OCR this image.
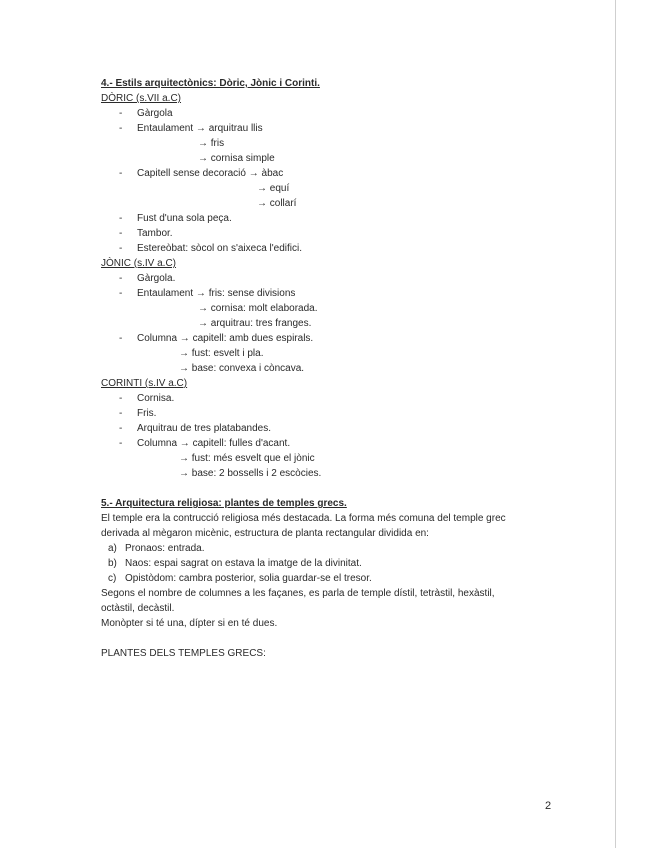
4.- Estils arquitectònics: Dòric, Jònic i Corinti.
DÒRIC (s.VII a.C)
- Gàrgola
- Entaulament → arquitrau llis
→ fris
→ cornisa simple
- Capitell sense decoració → àbac
→ equí
→ collarí
- Fust d'una sola peça.
- Tambor.
- Estereòbat: sòcol on s'aixeca l'edifici.
JÒNIC (s.IV a.C)
- Gàrgola.
- Entaulament → fris: sense divisions
→ cornisa: molt elaborada.
→ arquitrau: tres franges.
- Columna → capitell: amb dues espirals.
→ fust: esvelt i pla.
→ base: convexa i còncava.
CORINTI (s.IV a.C)
- Cornisa.
- Fris.
- Arquitrau de tres platabandes.
- Columna → capitell: fulles d'acant.
→ fust: més esvelt que el jònic
→ base: 2 bossells i 2 escòcies.
5.- Arquitectura religiosa: plantes de temples grecs.
El temple era la contrucció religiosa més destacada. La forma més comuna del temple grec
derivada al mègaron micènic, estructura de planta rectangular dividida en:
a) Pronaos: entrada.
b) Naos: espai sagrat on estava la imatge de la divinitat.
c) Opistòdom: cambra posterior, solia guardar-se el tresor.
Segons el nombre de columnes a les façanes, es parla de temple dístil, tetràstil, hexàstil,
octàstil, decàstil.
Monòpter si té una, dípter si en té dues.
PLANTES DELS TEMPLES GRECS:
2
